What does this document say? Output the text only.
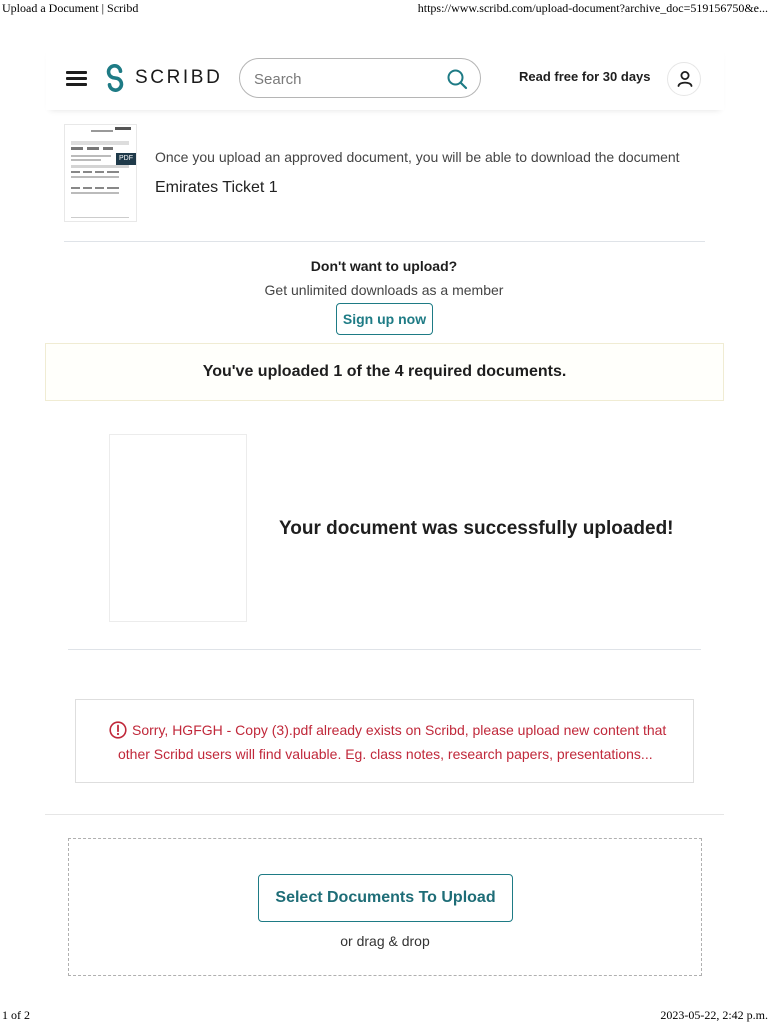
Upload a Document | Scribd	https://www.scribd.com/upload-document?archive_doc=519156750&e...
SCRIBD
Search	Read free for 30 days
PDF Once you upload an approved document, you will be able to download the document
Emirates Ticket 1
Don't want to upload?
Get unlimited downloads as a member
Sign up now
You've uploaded 1 of the 4 required documents.
Your document was successfully uploaded!
Sorry, HGFGH - Copy (3).pdf already exists on Scribd, please upload new content that
other Scribd users will find valuable. Eg. class notes, research papers, presentations...
Select Documents To Upload
or drag & drop
1 of 2	2023-05-22, 2:42 p.m.
